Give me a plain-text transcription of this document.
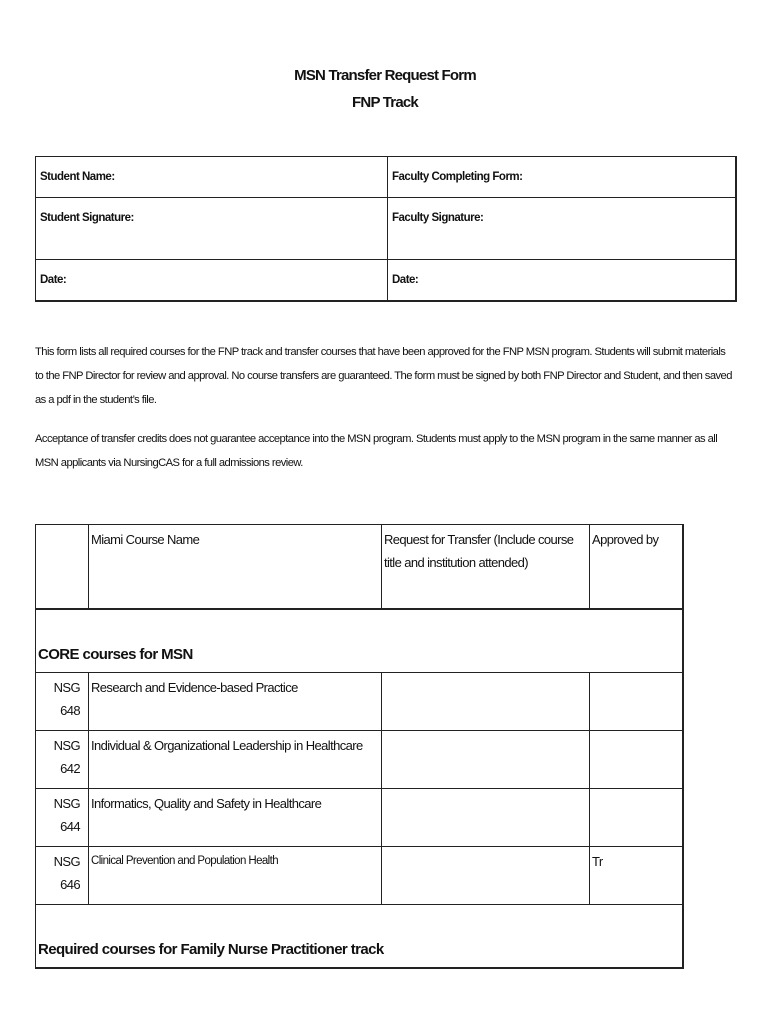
MSN Transfer Request Form
FNP Track
Student Name:	Faculty Completing Form:
Student Signature:	Faculty Signature:
Date:	Date:
This form lists all required courses for the FNP track and transfer courses that have been approved for the FNP MSN program. Students will submit materials to the FNP Director for review and approval. No course transfers are guaranteed. The form must be signed by both FNP Director and Student, and then saved as a pdf in the student’s file.
Acceptance of transfer credits does not guarantee acceptance into the MSN program. Students must apply to the MSN program in the same manner as all MSN applicants via NursingCAS for a full admissions review.
	Miami Course Name	Request for Transfer (Include course title and institution attended)	Approved by
CORE courses for MSN			
NSG 648	Research and Evidence-based Practice		
NSG 642	Individual & Organizational Leadership in Healthcare		
NSG 644	Informatics, Quality and Safety in Healthcare		
NSG 646	Clinical Prevention and Population Health		Tr
Required courses for Family Nurse Practitioner track			
